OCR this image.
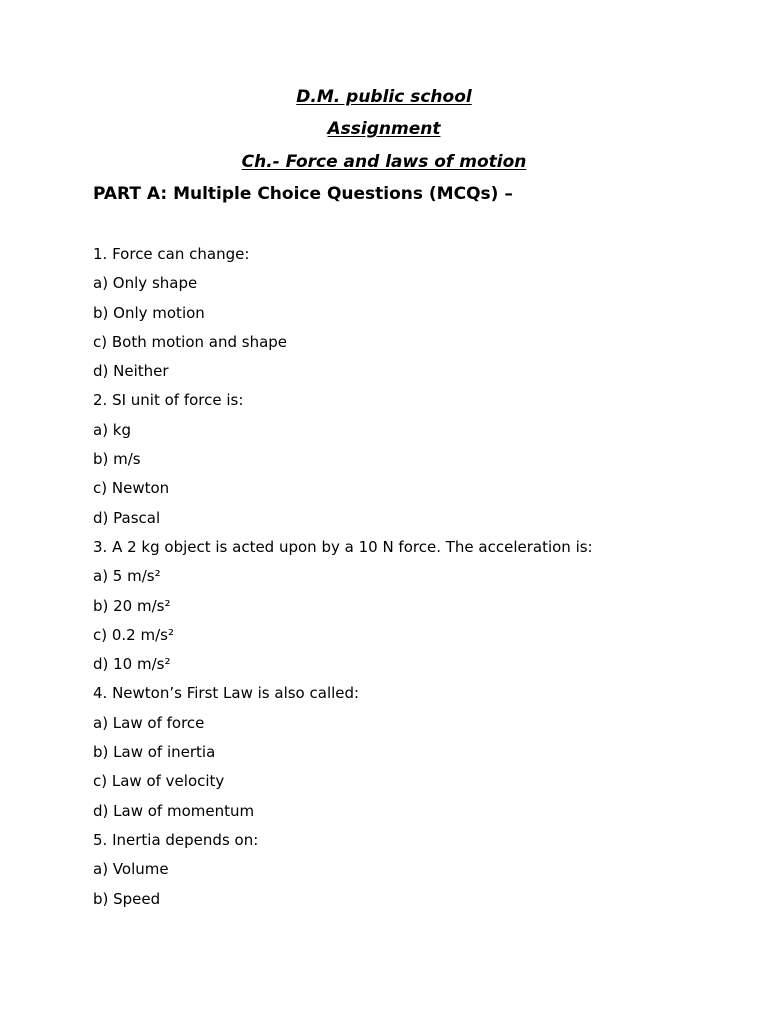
D.M. public school
Assignment
Ch.- Force and laws of motion
PART A: Multiple Choice Questions (MCQs) –
1. Force can change:
a) Only shape
b) Only motion
c) Both motion and shape
d) Neither
2. SI unit of force is:
a) kg
b) m/s
c) Newton
d) Pascal
3. A 2 kg object is acted upon by a 10 N force. The acceleration is:
a) 5 m/s²
b) 20 m/s²
c) 0.2 m/s²
d) 10 m/s²
4. Newton’s First Law is also called:
a) Law of force
b) Law of inertia
c) Law of velocity
d) Law of momentum
5. Inertia depends on:
a) Volume
b) Speed
